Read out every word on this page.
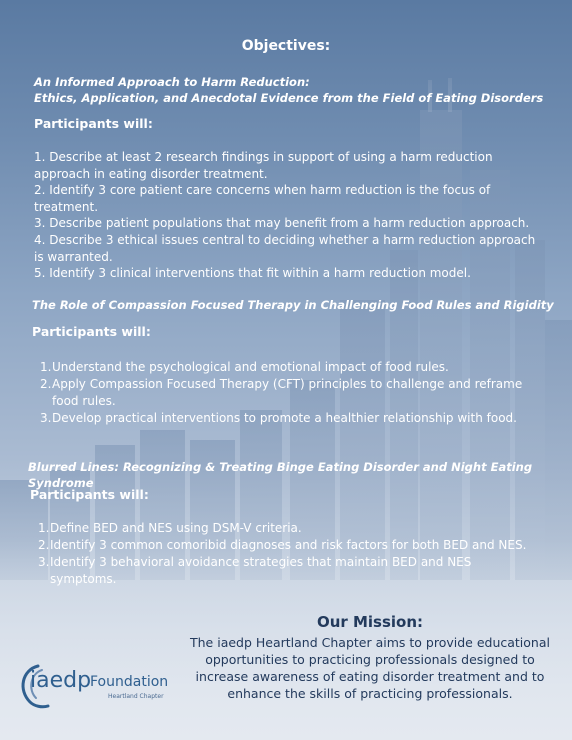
Objectives:

An Informed Approach to Harm Reduction:

Ethics, Application, and Anecdotal Evidence from the Field of Eating Disorders

Participants will:

1. Describe at least 2 research findings in support of using a harm reduction approach in eating disorder treatment.

2. Identify 3 core patient care concerns when harm reduction is the focus of treatment.

3. Describe patient populations that may benefit from a harm reduction approach.

4. Describe 3 ethical issues central to deciding whether a harm reduction approach is warranted.

5. Identify 3 clinical interventions that fit within a harm reduction model.

The Role of Compassion Focused Therapy in Challenging Food Rules and Rigidity

Participants will:

1. Understand the psychological and emotional impact of food rules.
2. Apply Compassion Focused Therapy (CFT) principles to challenge and reframe food rules.
3. Develop practical interventions to promote a healthier relationship with food.

Blurred Lines: Recognizing & Treating Binge Eating Disorder and Night Eating Syndrome

Participants will:

1. Define BED and NES using DSM-V criteria.
2. Identify 3 common comoribid diagnoses and risk factors for both BED and NES.
3. Identify 3 behavioral avoidance strategies that maintain BED and NES symptoms.

Our Mission:

The iaedp Heartland Chapter aims to provide educational opportunities to practicing professionals designed to increase awareness of eating disorder treatment and to enhance the skills of practicing professionals.

iaedp
Foundation
Heartland Chapter
